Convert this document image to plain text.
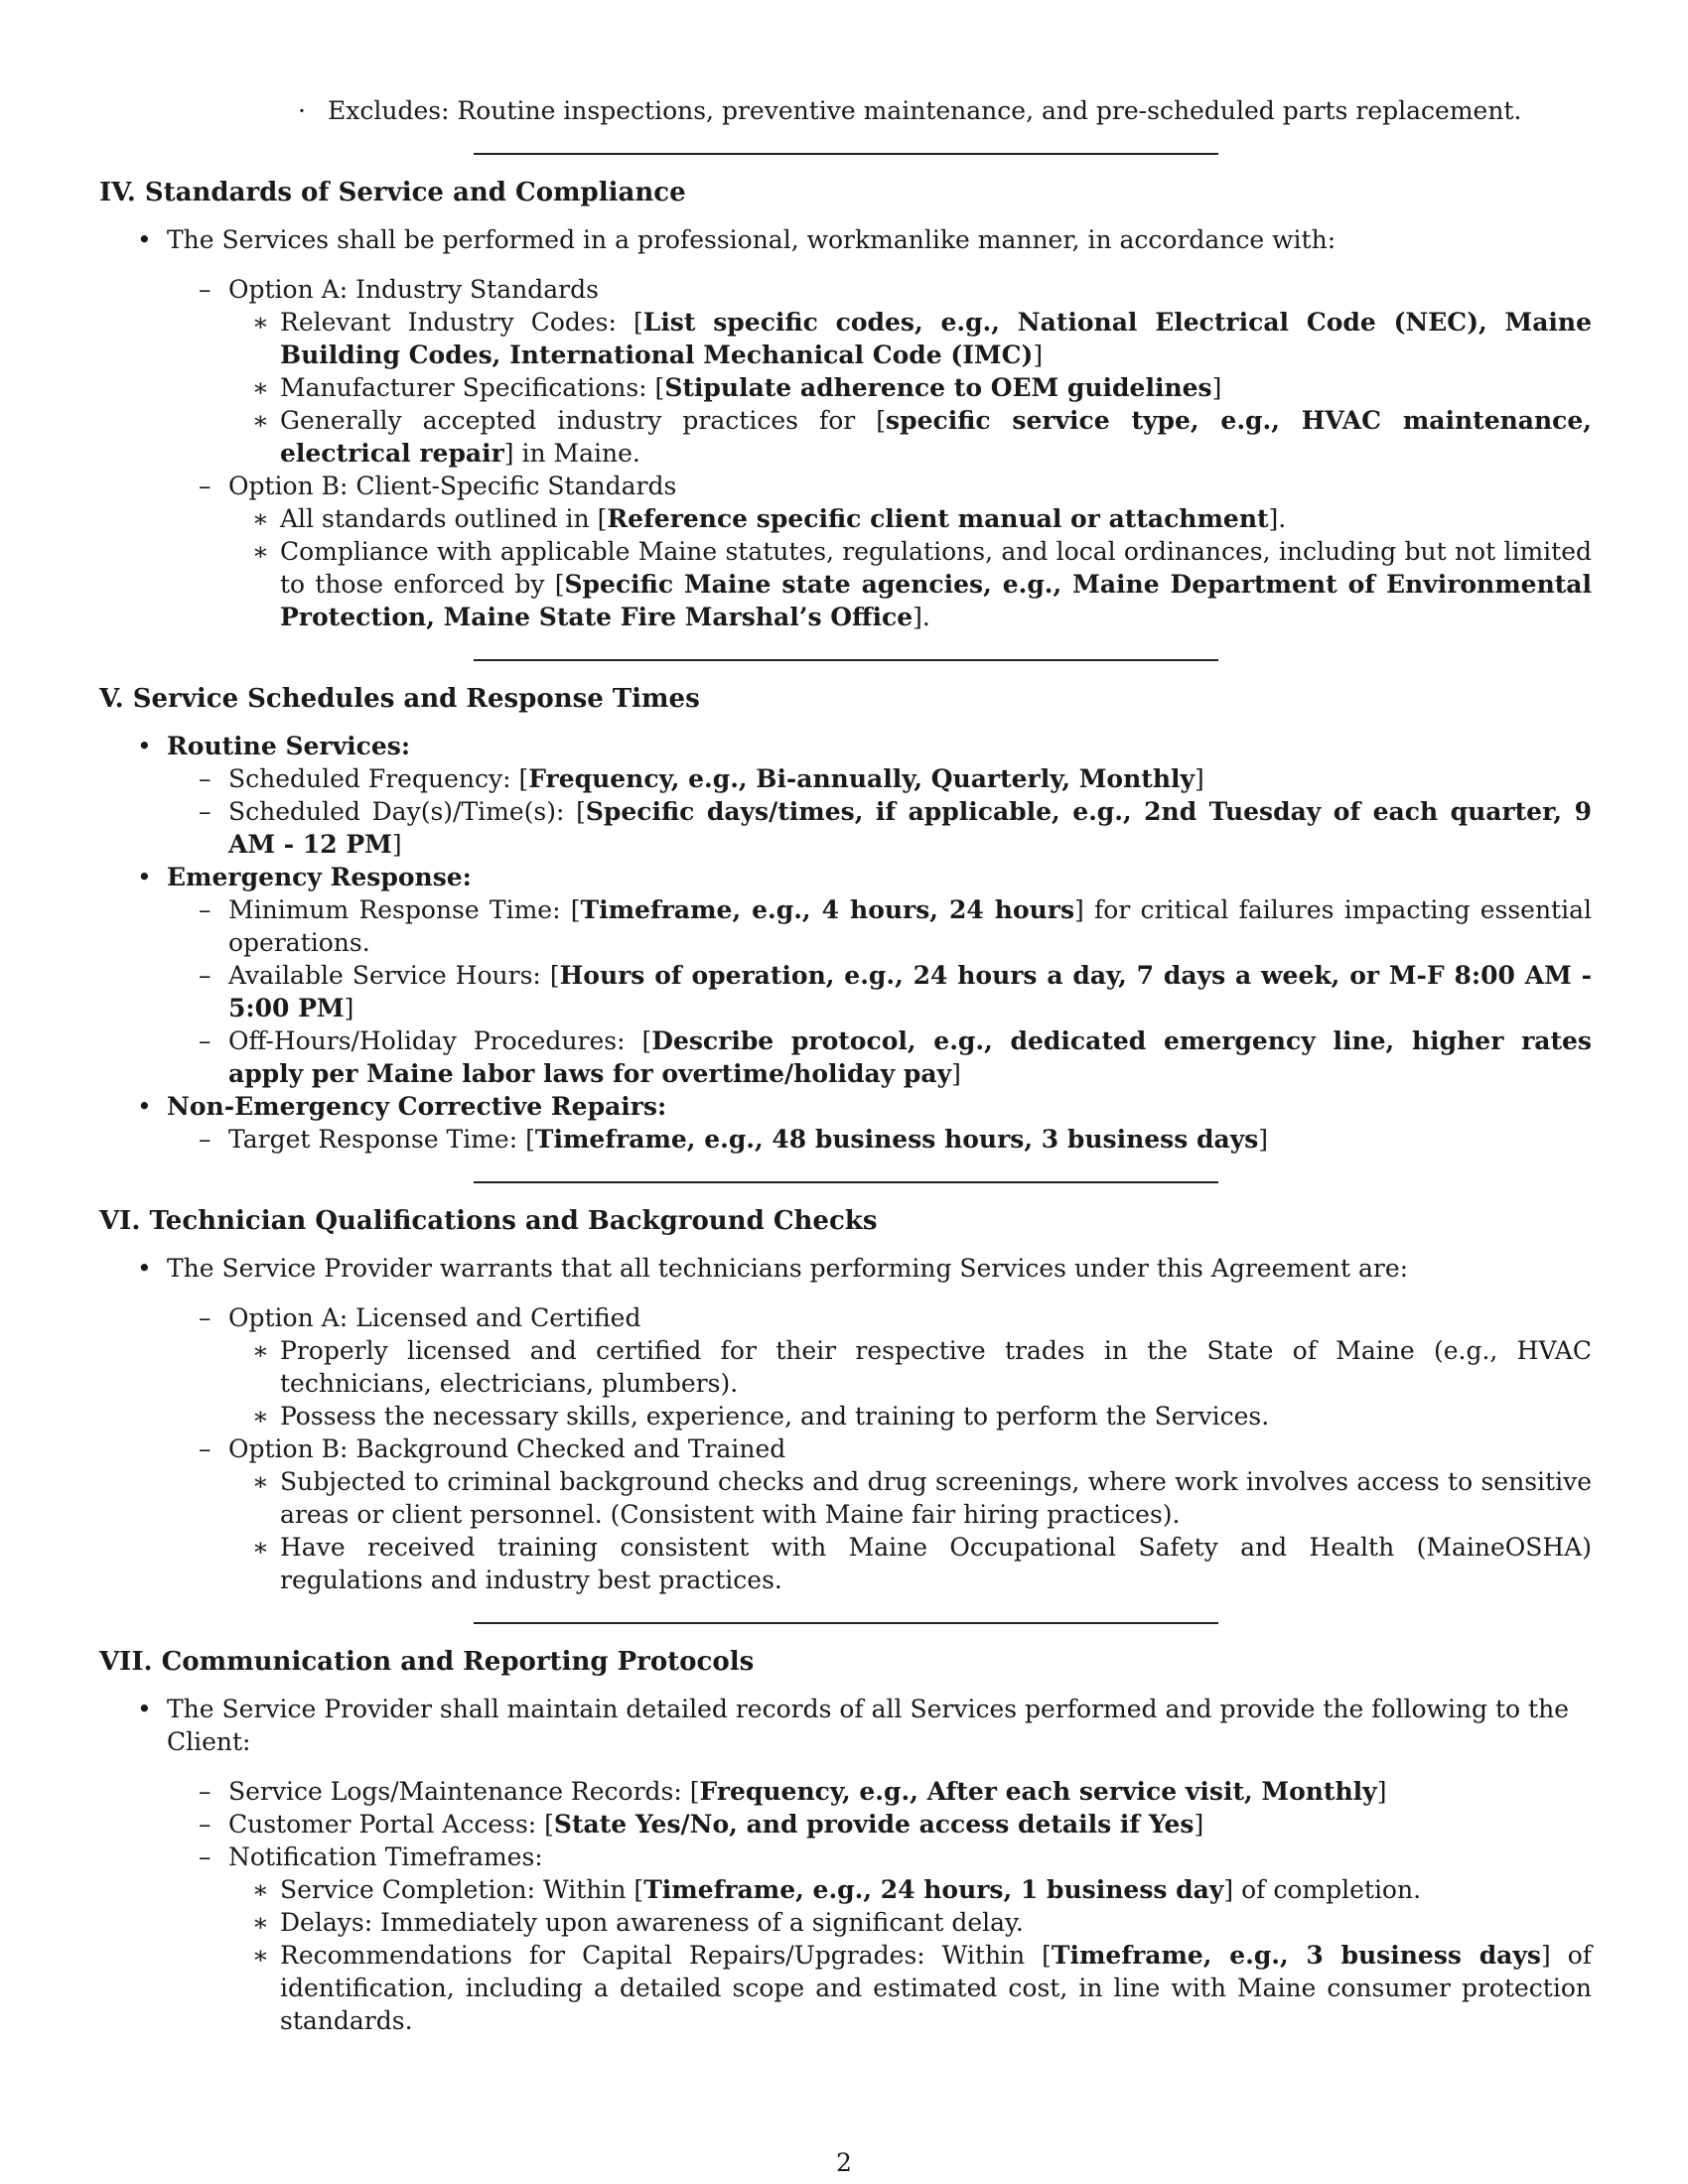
· Excludes: Routine inspections, preventive maintenance, and pre-scheduled parts replacement.
IV. Standards of Service and Compliance
• The Services shall be performed in a professional, workmanlike manner, in accordance with:
– Option A: Industry Standards
∗ Relevant Industry Codes: [List specific codes, e.g., National Electrical Code (NEC), Maine Building Codes, International Mechanical Code (IMC)]
∗ Manufacturer Specifications: [Stipulate adherence to OEM guidelines]
∗ Generally accepted industry practices for [specific service type, e.g., HVAC maintenance, electrical repair] in Maine.
– Option B: Client-Specific Standards
∗ All standards outlined in [Reference specific client manual or attachment].
∗ Compliance with applicable Maine statutes, regulations, and local ordinances, including but not limited to those enforced by [Specific Maine state agencies, e.g., Maine Department of Environmental Protection, Maine State Fire Marshal’s Office].
V. Service Schedules and Response Times
• Routine Services:
– Scheduled Frequency: [Frequency, e.g., Bi-annually, Quarterly, Monthly]
– Scheduled Day(s)/Time(s): [Specific days/times, if applicable, e.g., 2nd Tuesday of each quarter, 9 AM - 12 PM]
• Emergency Response:
– Minimum Response Time: [Timeframe, e.g., 4 hours, 24 hours] for critical failures impacting essential operations.
– Available Service Hours: [Hours of operation, e.g., 24 hours a day, 7 days a week, or M-F 8:00 AM - 5:00 PM]
– Off-Hours/Holiday Procedures: [Describe protocol, e.g., dedicated emergency line, higher rates apply per Maine labor laws for overtime/holiday pay]
• Non-Emergency Corrective Repairs:
– Target Response Time: [Timeframe, e.g., 48 business hours, 3 business days]
VI. Technician Qualifications and Background Checks
• The Service Provider warrants that all technicians performing Services under this Agreement are:
– Option A: Licensed and Certified
∗ Properly licensed and certified for their respective trades in the State of Maine (e.g., HVAC technicians, electricians, plumbers).
∗ Possess the necessary skills, experience, and training to perform the Services.
– Option B: Background Checked and Trained
∗ Subjected to criminal background checks and drug screenings, where work involves access to sensitive areas or client personnel. (Consistent with Maine fair hiring practices).
∗ Have received training consistent with Maine Occupational Safety and Health (MaineOSHA) regulations and industry best practices.
VII. Communication and Reporting Protocols
• The Service Provider shall maintain detailed records of all Services performed and provide the following to the Client:
– Service Logs/Maintenance Records: [Frequency, e.g., After each service visit, Monthly]
– Customer Portal Access: [State Yes/No, and provide access details if Yes]
– Notification Timeframes:
∗ Service Completion: Within [Timeframe, e.g., 24 hours, 1 business day] of completion.
∗ Delays: Immediately upon awareness of a significant delay.
∗ Recommendations for Capital Repairs/Upgrades: Within [Timeframe, e.g., 3 business days] of identification, including a detailed scope and estimated cost, in line with Maine consumer protection standards.
2
